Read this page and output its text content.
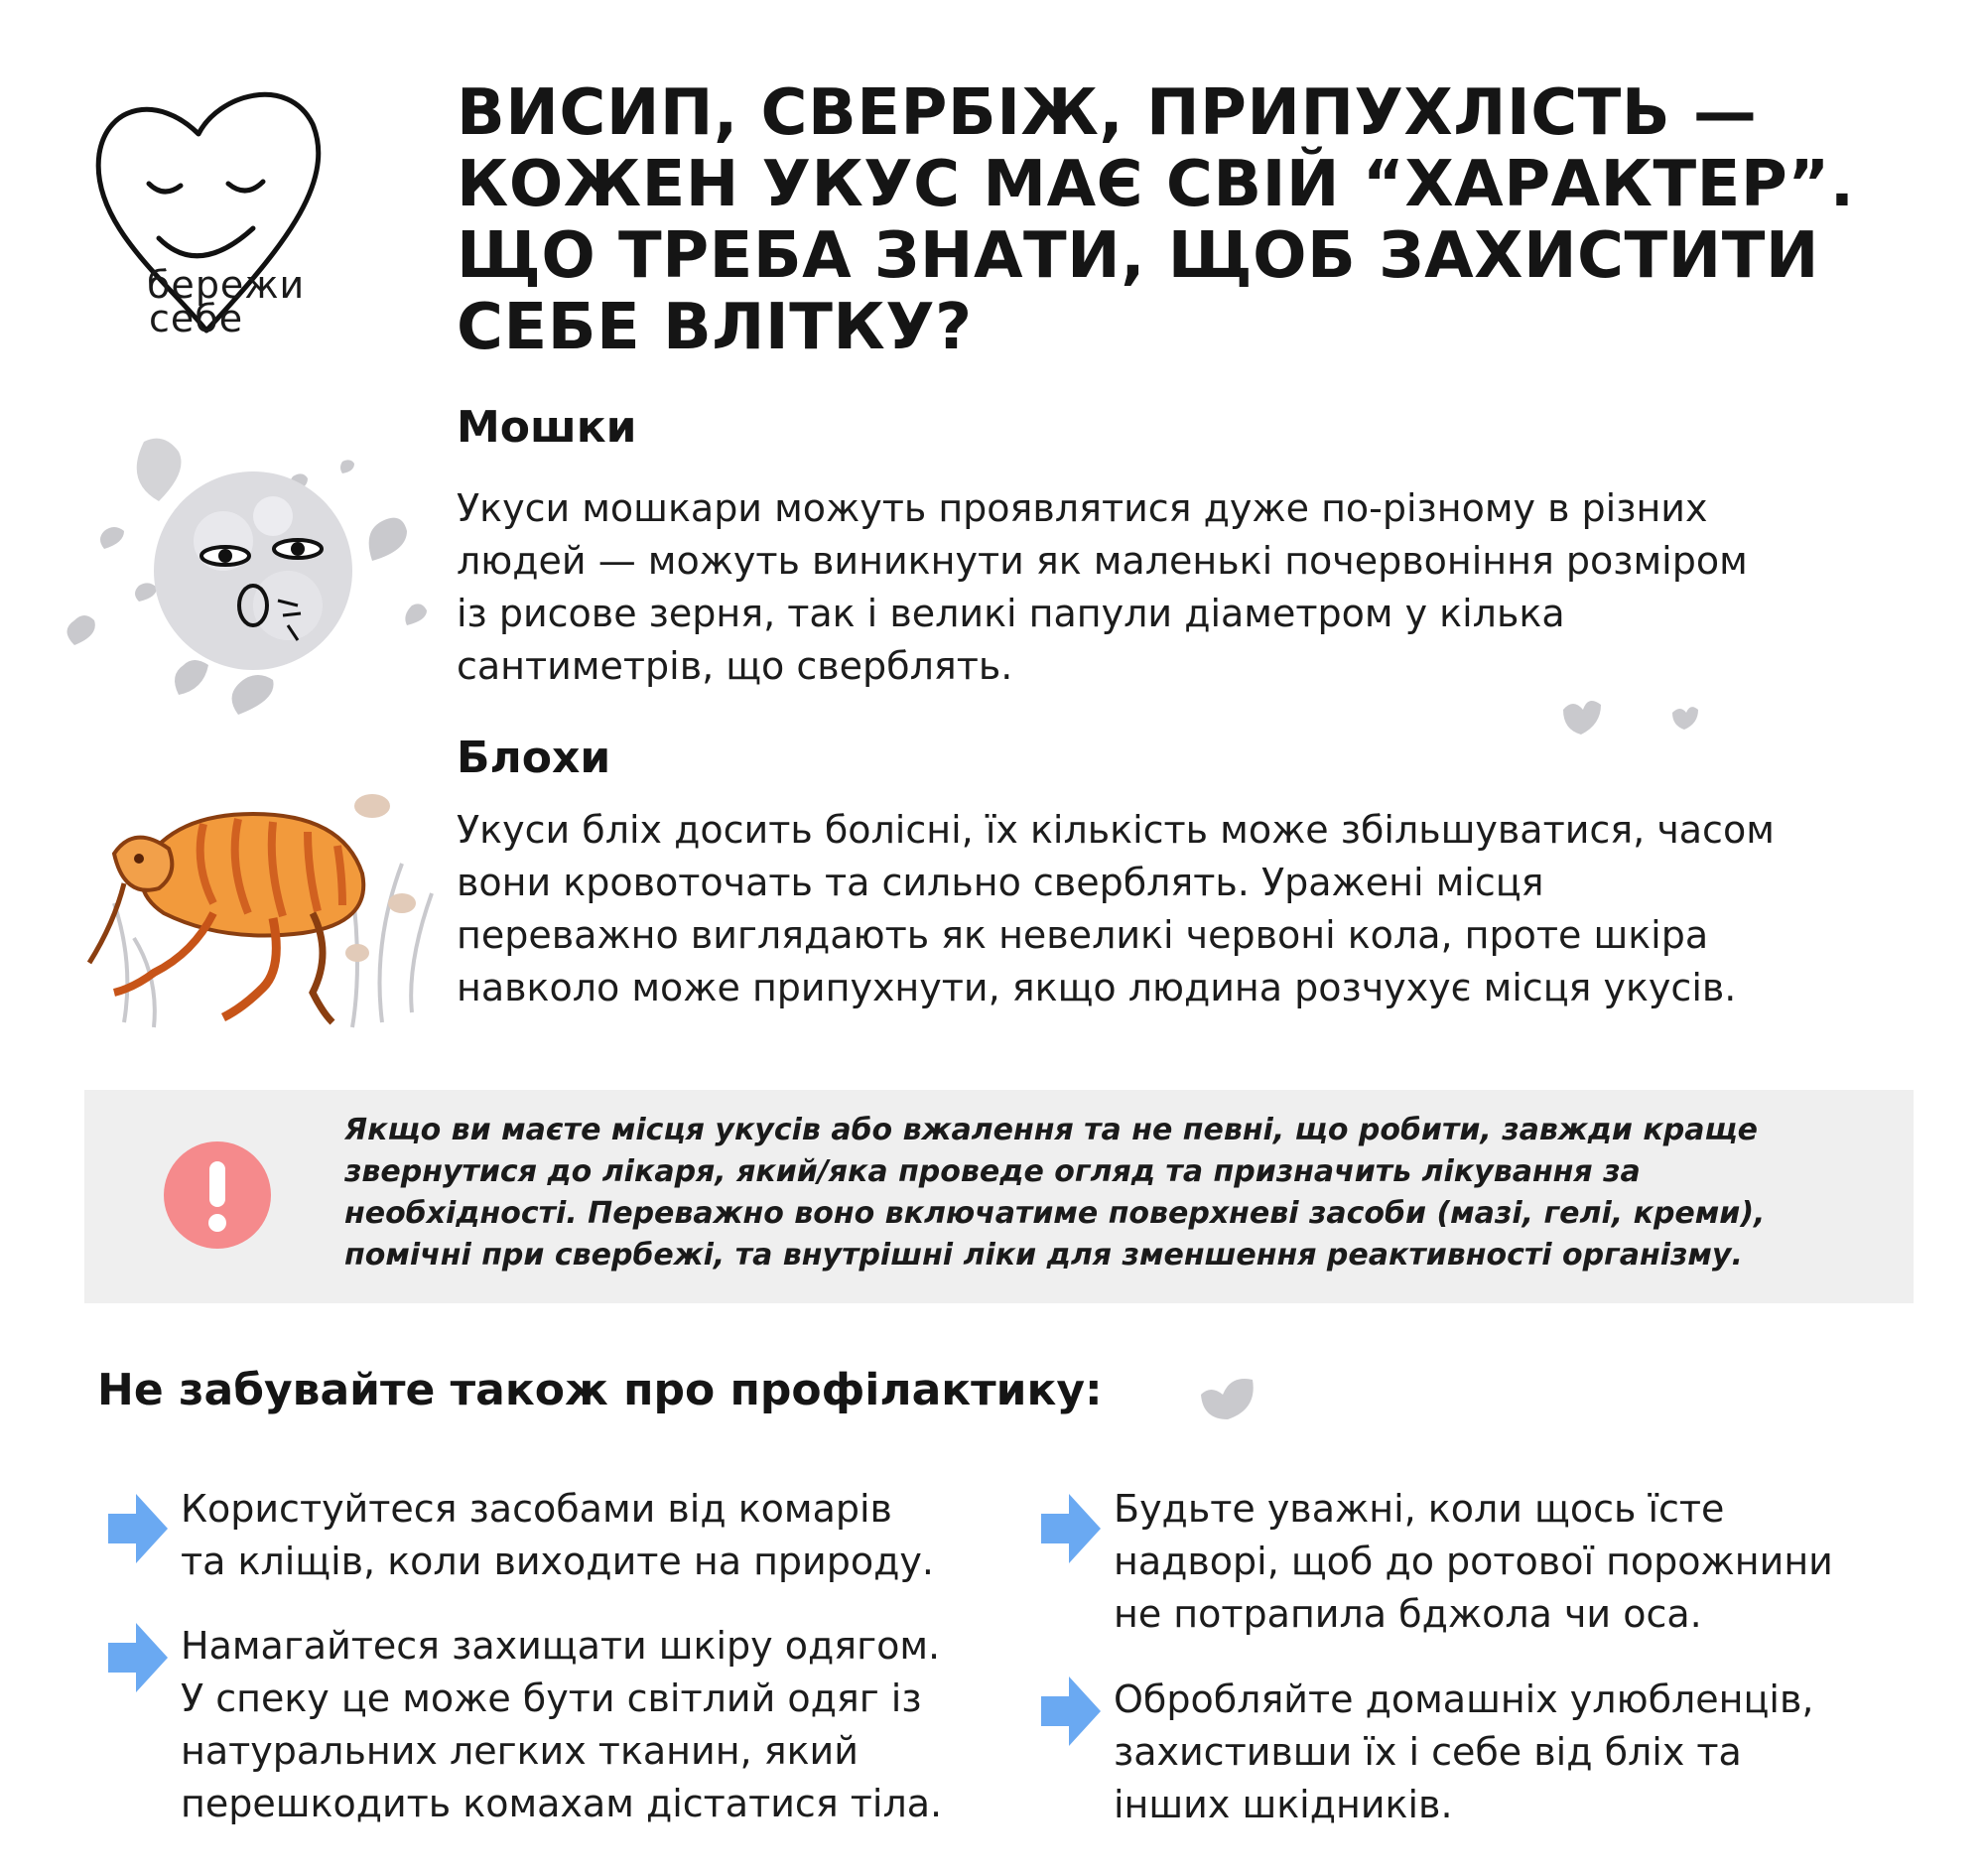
бережи
себе
ВИСИП, СВЕРБІЖ, ПРИПУХЛІСТЬ —
КОЖЕН УКУС МАЄ СВІЙ “ХАРАКТЕР”.
ЩО ТРЕБА ЗНАТИ, ЩОБ ЗАХИСТИТИ
СЕБЕ ВЛІТКУ?
Мошки
Укуси мошкари можуть проявлятися дуже по-різному в різних
людей — можуть виникнути як маленькі почервоніння розміром
із рисове зерня, так і великі папули діаметром у кілька
сантиметрів, що сверблять.
Блохи
Укуси бліх досить болісні, їх кількість може збільшуватися, часом
вони кровоточать та сильно сверблять. Уражені місця
переважно виглядають як невеликі червоні кола, проте шкіра
навколо може припухнути, якщо людина розчухує місця укусів.
Якщо ви маєте місця укусів або вжалення та не певні, що робити, завжди краще
звернутися до лікаря, який/яка проведе огляд та призначить лікування за
необхідності. Переважно воно включатиме поверхневі засоби (мазі, гелі, креми),
помічні при свербежі, та внутрішні ліки для зменшення реактивності організму.
Не забувайте також про профілактику:
Користуйтеся засобами від комарів
та кліщів, коли виходите на природу.
Намагайтеся захищати шкіру одягом.
У спеку це може бути світлий одяг із
натуральних легких тканин, який
перешкодить комахам дістатися тіла.
Будьте уважні, коли щось їсте
надворі, щоб до ротової порожнини
не потрапила бджола чи оса.
Обробляйте домашніх улюбленців,
захистивши їх і себе від бліх та
інших шкідників.
